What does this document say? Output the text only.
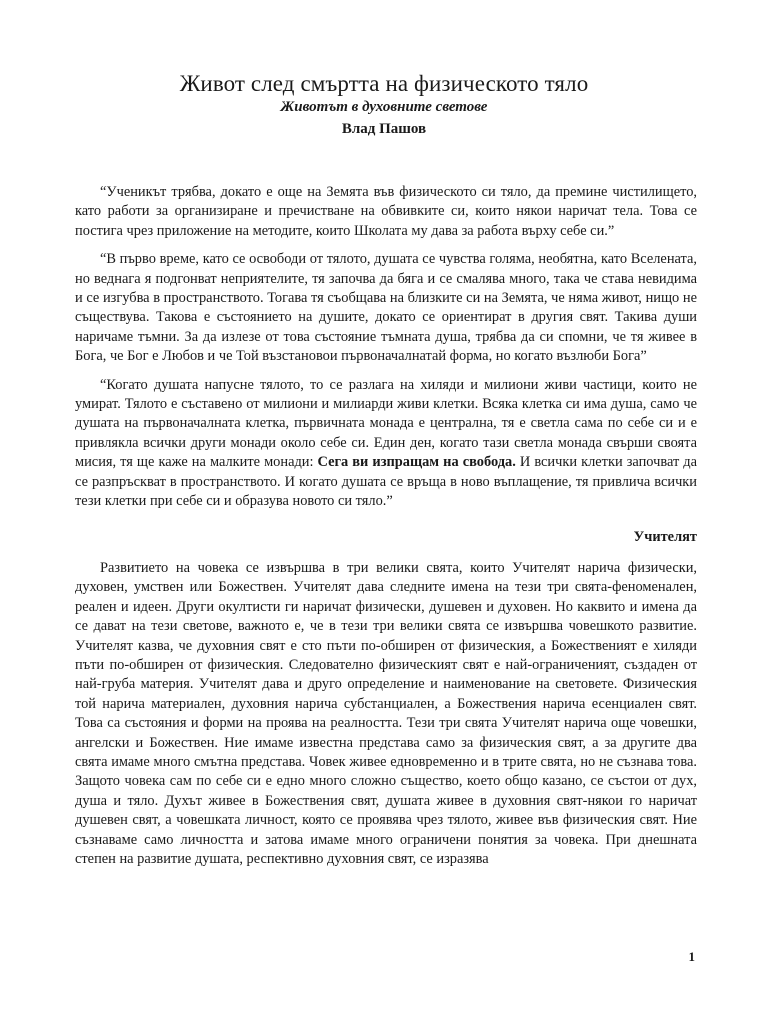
Живот след смъртта на физическото тяло
Животът в духовните светове
Влад Пашов

“Ученикът трябва, докато е още на Земята във физическото си тяло, да премине чистилището, като работи за организиране и пречистване на обвивките си, които някои наричат тела. Това се постига чрез приложение на методите, които Школата му дава за работа върху себе си.”

“В първо време, като се освободи от тялото, душата се чувства голяма, необятна, като Вселената, но веднага я подгонват неприятелите, тя започва да бяга и се смалява много, така че става невидима и се изгубва в пространството. Тогава тя съобщава на близките си на Земята, че няма живот, нищо не съществува. Такова е състоянието на душите, докато се ориентират в другия свят. Такива души наричаме тъмни. За да излезе от това състояние тъмната душа, трябва да си спомни, че тя живее в Бога, че Бог е Любов и че Той възстановои първоначалнатай форма, но когато възлюби Бога”

“Когато душата напусне тялото, то се разлага на хиляди и милиони живи частици, които не умират. Тялото е съставено от милиони и милиарди живи клетки. Всяка клетка си има душа, само че душата на първоначалната клетка, първичната монада е централна, тя е светла сама по себе си и е привлякла всички други монади около себе си. Един ден, когато тази светла монада свърши своята мисия, тя ще каже на малките монади: Сега ви изпращам на свобода. И всички клетки започват да се разпръскват в пространството. И когато душата се връща в ново въплащение, тя привлича всички тези клетки при себе си и образува новото си тяло.”

Учителят

Развитието на човека се извършва в три велики свята, които Учителят нарича физически, духовен, умствен или Божествен. Учителят дава следните имена на тези три свята-феноменален, реален и идеен. Други окултисти ги наричат физически, душевен и духовен. Но каквито и имена да се дават на тези светове, важното е, че в тези три велики свята се извършва човешкото развитие. Учителят казва, че духовния свят е сто пъти по-обширен от физическия, а Божественият е хиляди пъти по-обширен от физическия. Следователно физическият свят е най-ограниченият, създаден от най-груба материя. Учителят дава и друго определение и наименование на световете. Физическия той нарича материален, духовния нарича субстанциален, а Божествения нарича есенциален свят. Това са състояния и форми на проява на реалността. Тези три свята Учителят нарича още човешки, ангелски и Божествен. Ние имаме известна представа само за физическия свят, а за другите два свята имаме много смътна представа. Човек живее едновременно и в трите свята, но не съзнава това. Защото човека сам по себе си е едно много сложно същество, което общо казано, се състои от дух, душа и тяло. Духът живее в Божествения свят, душата живее в духовния свят-някои го наричат душевен свят, а човешката личност, която се проявява чрез тялото, живее във физическия свят. Ние съзнаваме само личността и затова имаме много ограничени понятия за човека. При днешната степен на развитие душата, респективно духовния свят, се изразява

1
